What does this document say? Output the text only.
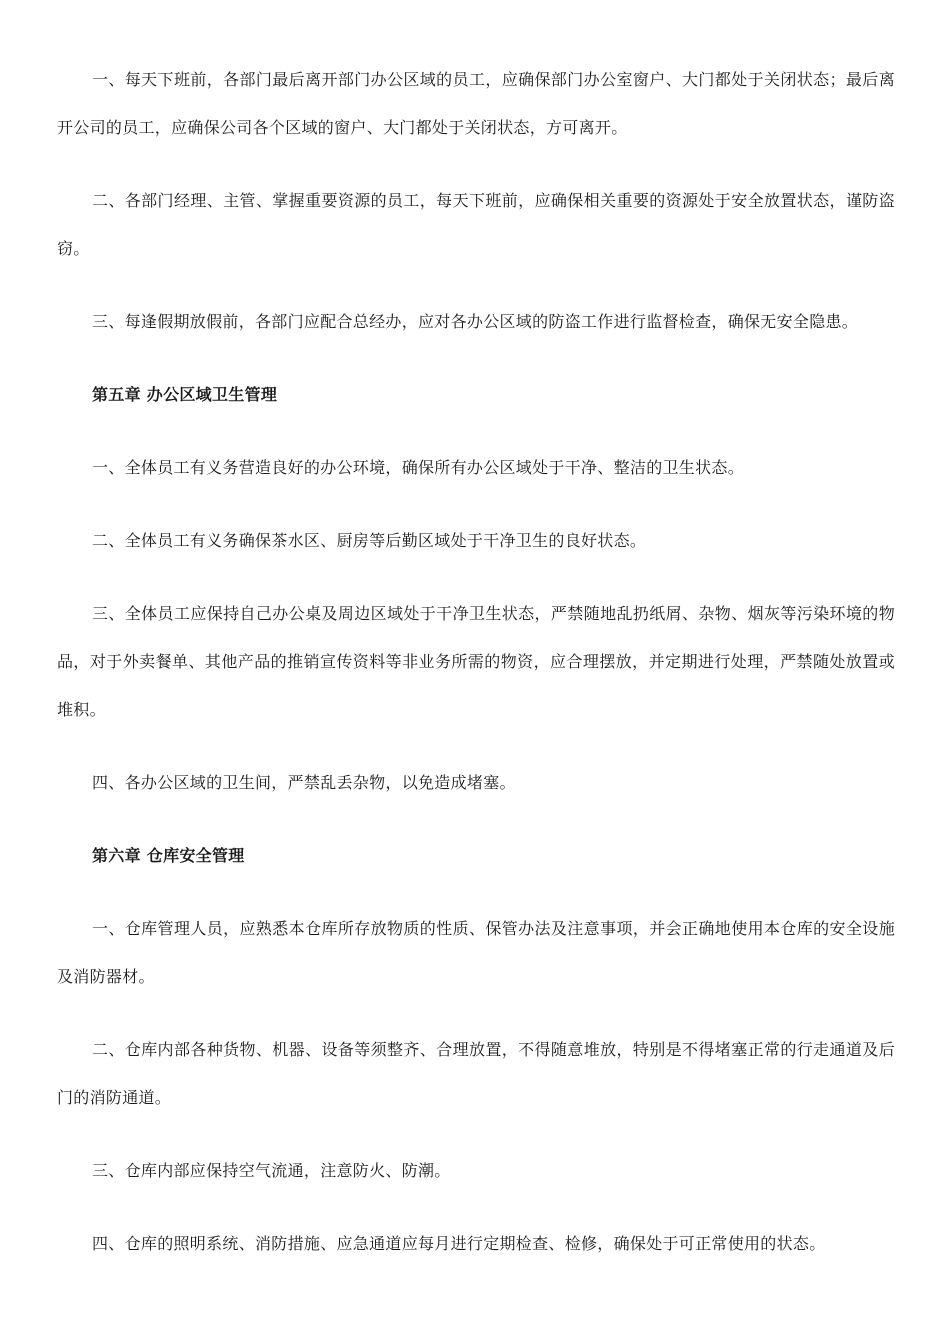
一、每天下班前，各部门最后离开部门办公区域的员工，应确保部门办公室窗户、大门都处于关闭状态；最后离开公司的员工，应确保公司各个区域的窗户、大门都处于关闭状态，方可离开。

二、各部门经理、主管、掌握重要资源的员工，每天下班前，应确保相关重要的资源处于安全放置状态，谨防盗窃。

三、每逢假期放假前，各部门应配合总经办，应对各办公区域的防盗工作进行监督检查，确保无安全隐患。

第五章 办公区域卫生管理

一、全体员工有义务营造良好的办公环境，确保所有办公区域处于干净、整洁的卫生状态。

二、全体员工有义务确保茶水区、厨房等后勤区域处于干净卫生的良好状态。

三、全体员工应保持自己办公桌及周边区域处于干净卫生状态，严禁随地乱扔纸屑、杂物、烟灰等污染环境的物品，对于外卖餐单、其他产品的推销宣传资料等非业务所需的物资，应合理摆放，并定期进行处理，严禁随处放置或堆积。

四、各办公区域的卫生间，严禁乱丢杂物，以免造成堵塞。

第六章 仓库安全管理

一、仓库管理人员，应熟悉本仓库所存放物质的性质、保管办法及注意事项，并会正确地使用本仓库的安全设施及消防器材。

二、仓库内部各种货物、机器、设备等须整齐、合理放置，不得随意堆放，特别是不得堵塞正常的行走通道及后门的消防通道。

三、仓库内部应保持空气流通，注意防火、防潮。

四、仓库的照明系统、消防措施、应急通道应每月进行定期检查、检修，确保处于可正常使用的状态。
